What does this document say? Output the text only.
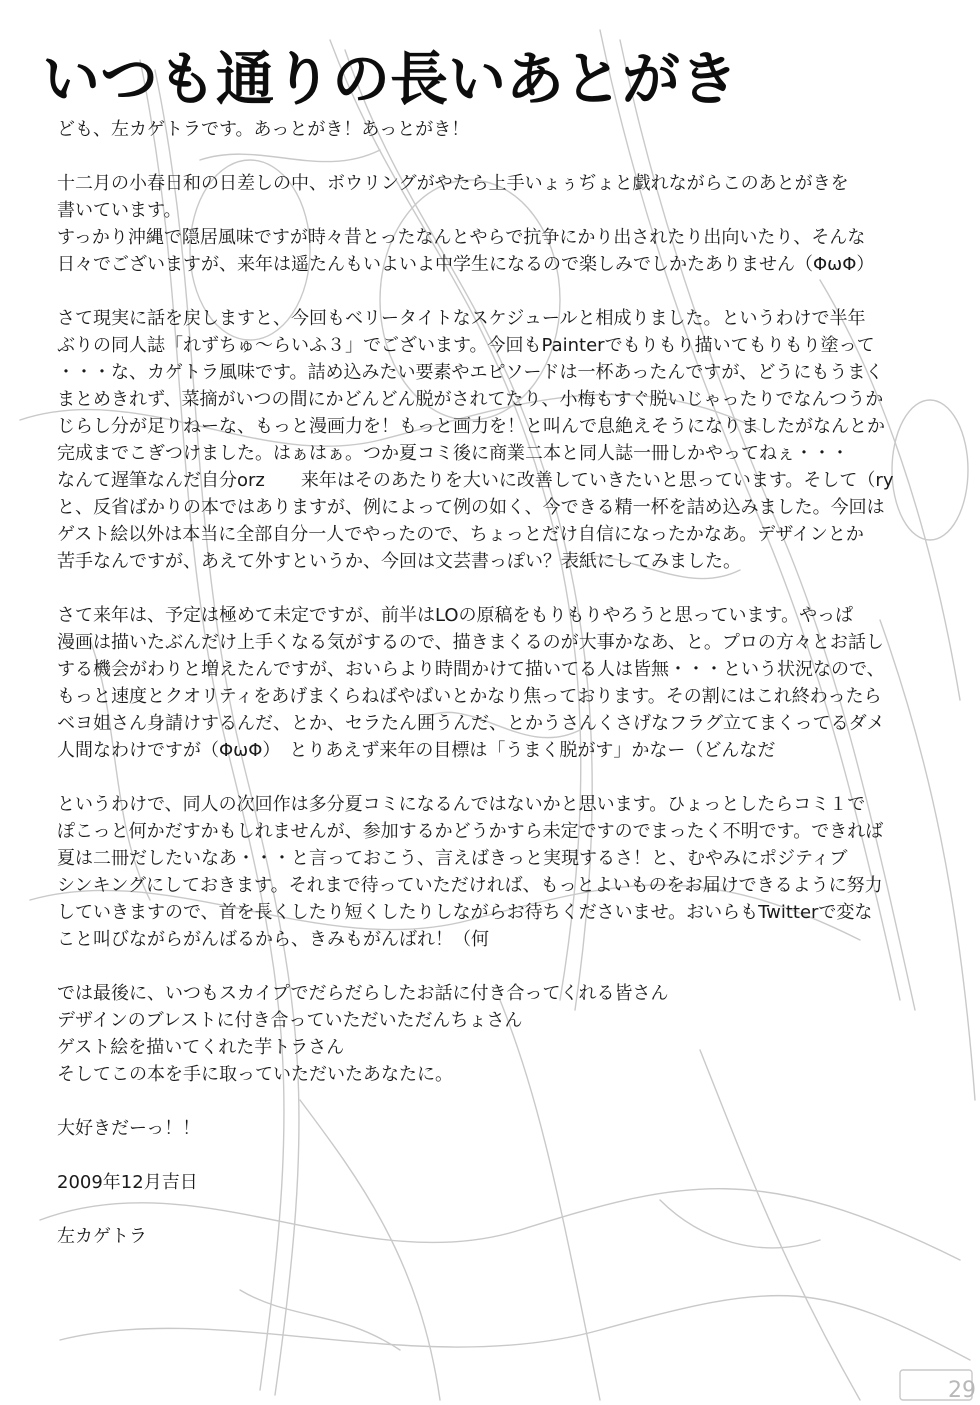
いつも通りの長いあとがき
ども、左カゲトラです。あっとがき！あっとがき！
十二月の小春日和の日差しの中、ボウリングがやたら上手いょぅぢょと戯れながらこのあとがきを
書いています。
すっかり沖縄で隠居風味ですが時々昔とったなんとやらで抗争にかり出されたり出向いたり、そんな
日々でございますが、来年は遥たんもいよいよ中学生になるので楽しみでしかたありません（ΦωΦ）
さて現実に話を戻しますと、今回もベリータイトなスケジュールと相成りました。というわけで半年
ぶりの同人誌「れずちゅ～らいふ３」でございます。今回もPainterでもりもり描いてもりもり塗って
・・・な、カゲトラ風味です。詰め込みたい要素やエピソードは一杯あったんですが、どうにもうまく
まとめきれず、菜摘がいつの間にかどんどん脱がされてたり、小梅もすぐ脱いじゃったりでなんつうか
じらし分が足りねーな、もっと漫画力を！もっと画力を！と叫んで息絶えそうになりましたがなんとか
完成までこぎつけました。はぁはぁ。つか夏コミ後に商業二本と同人誌一冊しかやってねぇ・・・
なんて遅筆なんだ自分orz　　来年はそのあたりを大いに改善していきたいと思っています。そして（ry
と、反省ばかりの本ではありますが、例によって例の如く、今できる精一杯を詰め込みました。今回は
ゲスト絵以外は本当に全部自分一人でやったので、ちょっとだけ自信になったかなあ。デザインとか
苦手なんですが、あえて外すというか、今回は文芸書っぽい？表紙にしてみました。
さて来年は、予定は極めて未定ですが、前半はLOの原稿をもりもりやろうと思っています。やっぱ
漫画は描いたぶんだけ上手くなる気がするので、描きまくるのが大事かなあ、と。プロの方々とお話し
する機会がわりと増えたんですが、おいらより時間かけて描いてる人は皆無・・・という状況なので、
もっと速度とクオリティをあげまくらねばやばいとかなり焦っております。その割にはこれ終わったら
ベヨ姐さん身請けするんだ、とか、セラたん囲うんだ、とかうさんくさげなフラグ立てまくってるダメ
人間なわけですが（ΦωΦ）　とりあえず来年の目標は「うまく脱がす」かなー（どんなだ
というわけで、同人の次回作は多分夏コミになるんではないかと思います。ひょっとしたらコミ１で
ぽこっと何かだすかもしれませんが、参加するかどうかすら未定ですのでまったく不明です。できれば
夏は二冊だしたいなあ・・・と言っておこう、言えばきっと実現するさ！と、むやみにポジティブ
シンキングにしておきます。それまで待っていただければ、もっとよいものをお届けできるように努力
していきますので、首を長くしたり短くしたりしながらお待ちくださいませ。おいらもTwitterで変な
こと叫びながらがんばるから、きみもがんばれ！（何
では最後に、いつもスカイプでだらだらしたお話に付き合ってくれる皆さん
デザインのブレストに付き合っていただいただんちょさん
ゲスト絵を描いてくれた芋トラさん
そしてこの本を手に取っていただいたあなたに。
大好きだーっ！！
2009年12月吉日
左カゲトラ
29
